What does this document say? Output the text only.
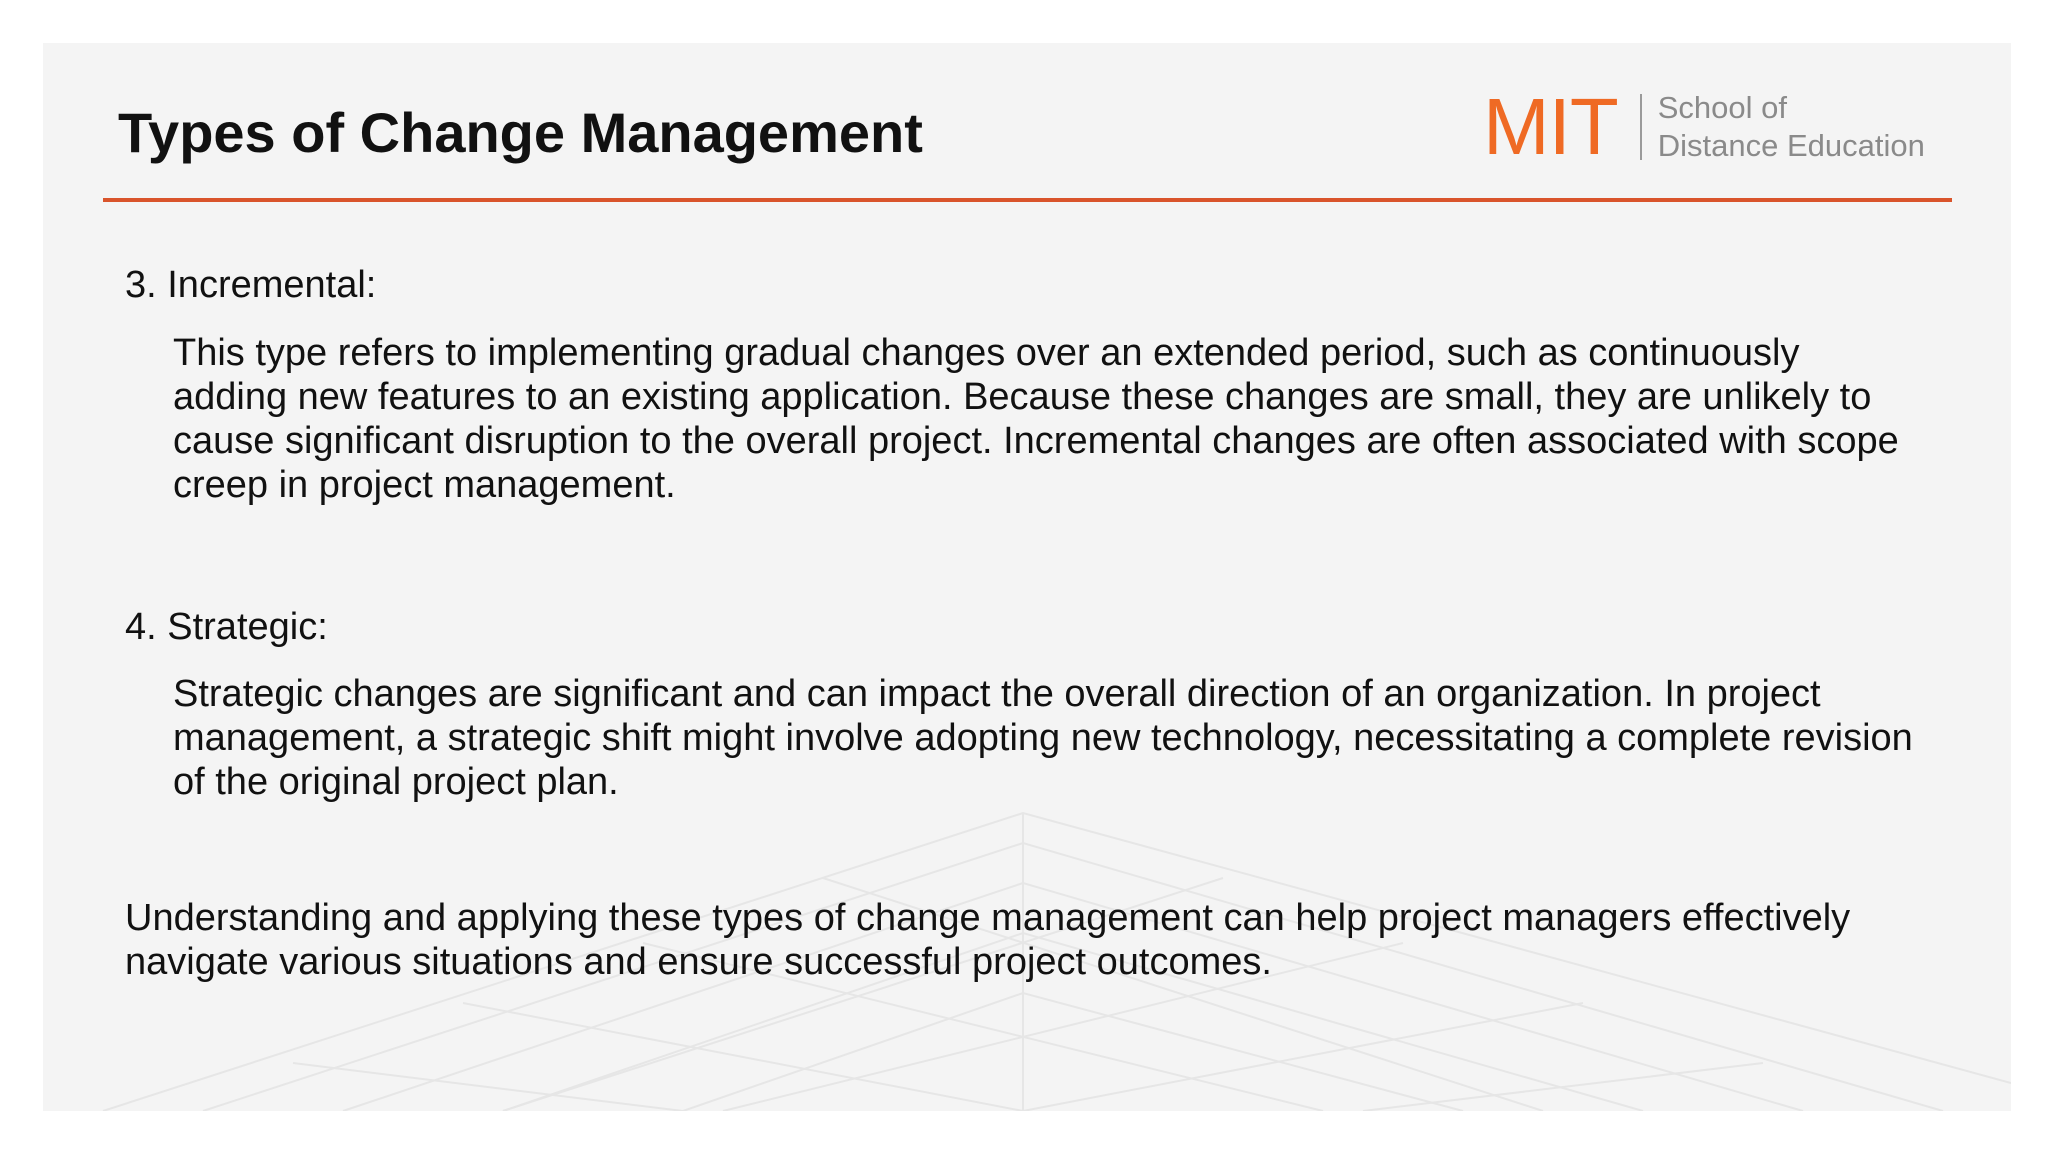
Types of Change Management	MIT School of
Distance Education

3. Incremental:

This type refers to implementing gradual changes over an extended period, such as continuously adding new features to an existing application. Because these changes are small, they are unlikely to cause significant disruption to the overall project. Incremental changes are often associated with scope creep in project management.

4. Strategic:

Strategic changes are significant and can impact the overall direction of an organization. In project management, a strategic shift might involve adopting new technology, necessitating a complete revision of the original project plan.

Understanding and applying these types of change management can help project managers effectively navigate various situations and ensure successful project outcomes.
